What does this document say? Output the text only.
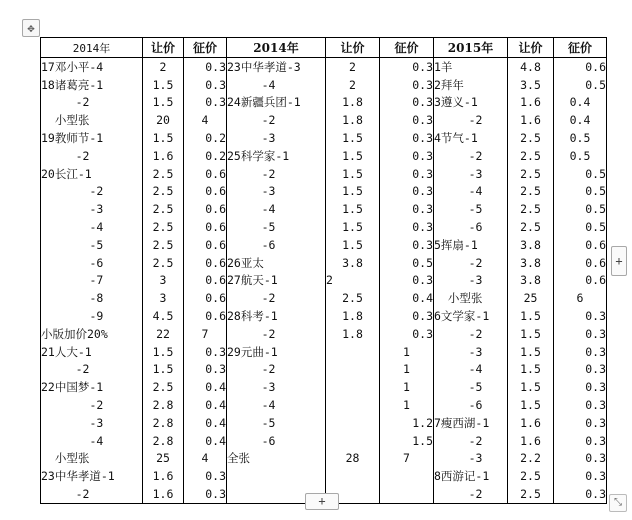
✥
2014年	让价	征价	2014年	让价	征价	2015年	让价	征价
17邓小平-4	2	0.3	23中华孝道-3	2	0.3	1羊	4.8	0.6
18诸葛亮-1	1.5	0.3	-4	2	0.3	2拜年	3.5	0.5
-2	1.5	0.3	24新疆兵团-1	1.8	0.3	3遵义-1	1.6	0.4
小型张	20	4	-2	1.8	0.3	-2	1.6	0.4
19教师节-1	1.5	0.2	-3	1.5	0.3	4节气-1	2.5	0.5
-2	1.6	0.2	25科学家-1	1.5	0.3	-2	2.5	0.5
20长江-1	2.5	0.6	-2	1.5	0.3	-3	2.5	0.5
-2	2.5	0.6	-3	1.5	0.3	-4	2.5	0.5
-3	2.5	0.6	-4	1.5	0.3	-5	2.5	0.5
-4	2.5	0.6	-5	1.5	0.3	-6	2.5	0.5
-5	2.5	0.6	-6	1.5	0.3	5挥扇-1	3.8	0.6
-6	2.5	0.6	26亚太	3.8	0.5	-2	3.8	0.6
-7	3	0.6	27航天-1	2	0.3	-3	3.8	0.6
-8	3	0.6	-2	2.5	0.4	小型张	25	6
-9	4.5	0.6	28科考-1	1.8	0.3	6文学家-1	1.5	0.3
小版加价20%	22	7	-2	1.8	0.3	-2	1.5	0.3
21人大-1	1.5	0.3	29元曲-1		1	-3	1.5	0.3
-2	1.5	0.3	-2		1	-4	1.5	0.3
22中国梦-1	2.5	0.4	-3		1	-5	1.5	0.3
-2	2.8	0.4	-4		1	-6	1.5	0.3
-3	2.8	0.4	-5		1.2	7瘦西湖-1	1.6	0.3
-4	2.8	0.4	-6		1.5	-2	1.6	0.3
小型张	25	4	全张	28	7	-3	2.2	0.3
23中华孝道-1	1.6	0.3				8西游记-1	2.5	0.3
-2	1.6	0.3				-2	2.5	0.3
+
+	⤡
